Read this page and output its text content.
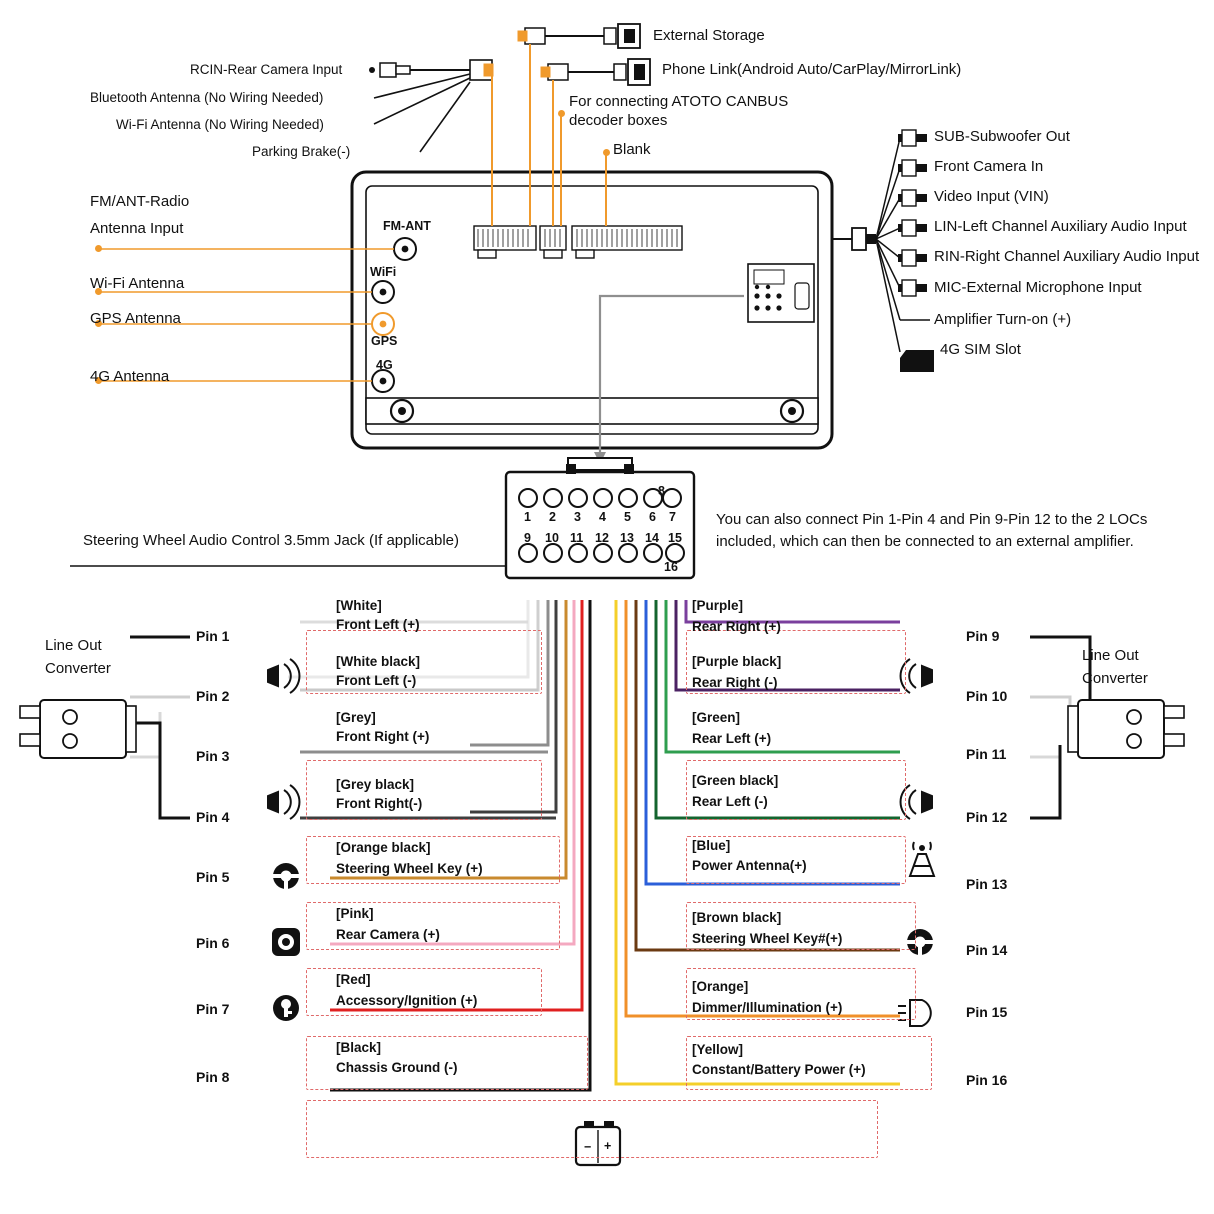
External Storage
Phone Link(Android Auto/CarPlay/MirrorLink)
RCIN-Rear Camera Input
Bluetooth Antenna (No Wiring Needed)
Wi-Fi Antenna (No Wiring Needed)
Parking Brake(-)
For connecting ATOTO CANBUS
decoder boxes
Blank
FM/ANT-Radio
Antenna Input
Wi-Fi Antenna
GPS Antenna
4G Antenna
FM-ANT
WiFi
GPS
4G
SUB-Subwoofer Out
Front Camera In
Video Input (VIN)
LIN-Left Channel Auxiliary Audio Input
RIN-Right Channel Auxiliary Audio Input
MIC-External Microphone Input
Amplifier Turn-on (+)
4G SIM Slot
1 2 3 4 5 6 7
8
9 10 11 12 13 14 15
16
Steering Wheel Audio Control 3.5mm Jack (If applicable)
You can also connect Pin 1-Pin 4 and Pin 9-Pin 12 to the 2 LOCs
included, which can then be connected to an external amplifier.
Line Out
Converter
Line Out
Converter
Pin 1
Pin 2
Pin 3
Pin 4
Pin 5
Pin 6
Pin 7
Pin 8
[White]
Front Left (+)
[White black]
Front Left (-)
[Grey]
Front Right (+)
[Grey black]
Front Right(-)
[Orange black]
Steering Wheel Key (+)
[Pink]
Rear Camera (+)
[Red]
Accessory/Ignition (+)
[Black]
Chassis Ground (-)
Pin 9
Pin 10
Pin 11
Pin 12
Pin 13
Pin 14
Pin 15
Pin 16
[Purple]
Rear Right (+)
[Purple black]
Rear Right (-)
[Green]
Rear Left (+)
[Green black]
Rear Left (-)
[Blue]
Power Antenna(+)
[Brown black]
Steering Wheel Key#(+)
[Orange]
Dimmer/Illumination (+)
[Yellow]
Constant/Battery Power (+)
− +
